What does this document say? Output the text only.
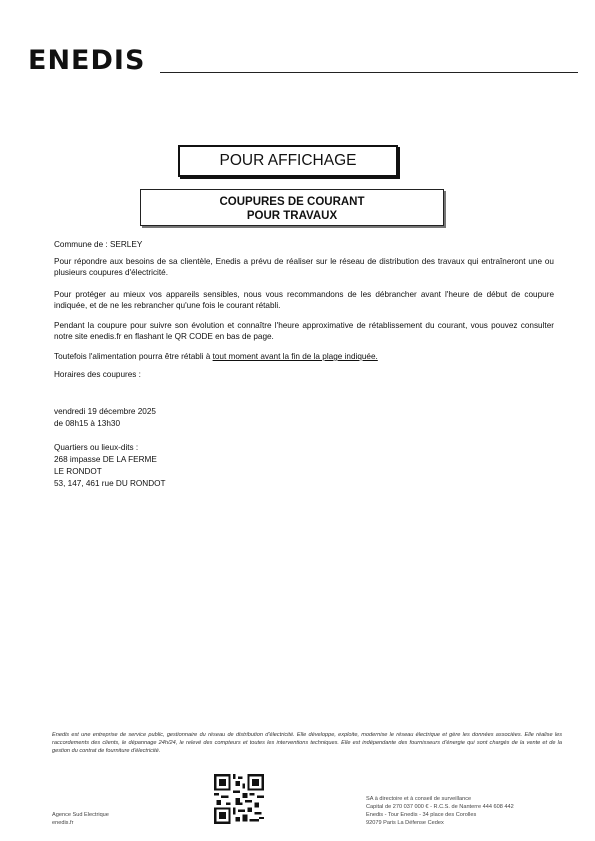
ENEDIS
POUR AFFICHAGE
COUPURES DE COURANT
POUR TRAVAUX
Commune de : SERLEY
Pour répondre aux besoins de sa clientèle, Enedis a prévu de réaliser sur le réseau de distribution des travaux qui entraîneront une ou plusieurs coupures d'électricité.
Pour protéger au mieux vos appareils sensibles, nous vous recommandons de les débrancher avant l'heure de début de coupure indiquée, et de ne les rebrancher qu'une fois le courant rétabli.
Pendant la coupure pour suivre son évolution et connaître l'heure approximative de rétablissement du courant, vous pouvez consulter notre site enedis.fr en flashant le QR CODE en bas de page.
Toutefois l'alimentation pourra être rétabli à tout moment avant la fin de la plage indiquée.
Horaires des coupures :
vendredi 19 décembre 2025
de 08h15 à 13h30
Quartiers ou lieux-dits :
268 impasse DE LA FERME
LE RONDOT
53, 147, 461 rue DU RONDOT
Enedis est une entreprise de service public, gestionnaire du réseau de distribution d'électricité. Elle développe, exploite, modernise le réseau électrique et gère les données associées. Elle réalise les raccordements des clients, le dépannage 24h/24, le relevé des compteurs et toutes les interventions techniques. Elle est indépendante des fournisseurs d'énergie qui sont chargés de la vente et de la gestion du contrat de fourniture d'électricité.
Agence Sud Electrique
enedis.fr
SA à directoire et à conseil de surveillance
Capital de 270 037 000 € - R.C.S. de Nanterre 444 608 442
Enedis - Tour Enedis - 34 place des Corolles
92079 Paris La Défense Cedex
